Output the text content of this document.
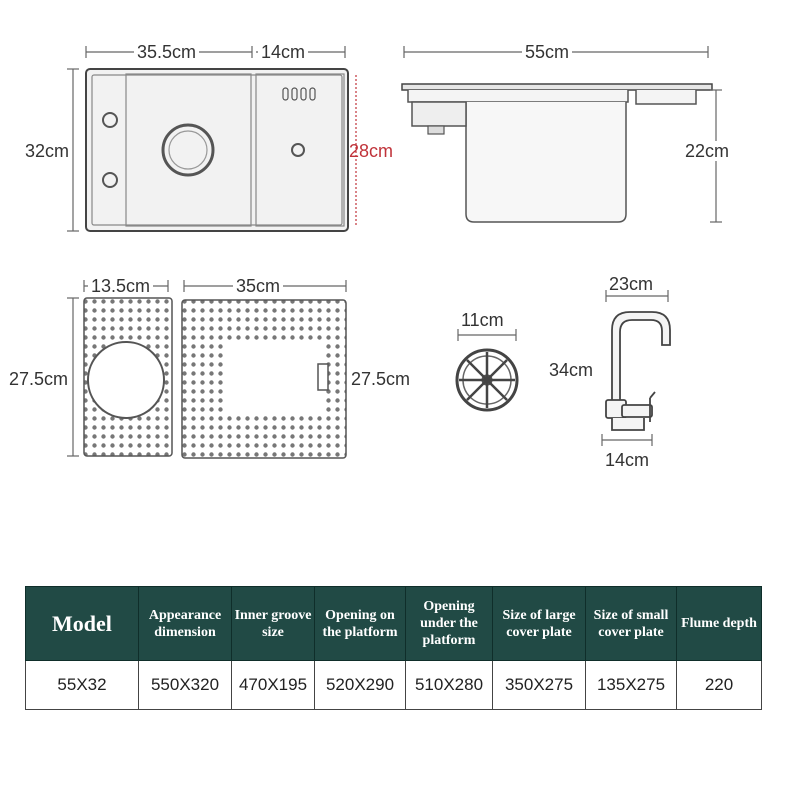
35.5cm	14cm
32cm	28cm
55cm
22cm
13.5cm
27.5cm
35cm
27.5cm
11cm
23cm
34cm
14cm
Model	Appearance dimension	Inner groove size	Opening on the platform	Opening under the platform	Size of large cover plate	Size of small cover plate	Flume depth
55X32	550X320	470X195	520X290	510X280	350X275	135X275	220
